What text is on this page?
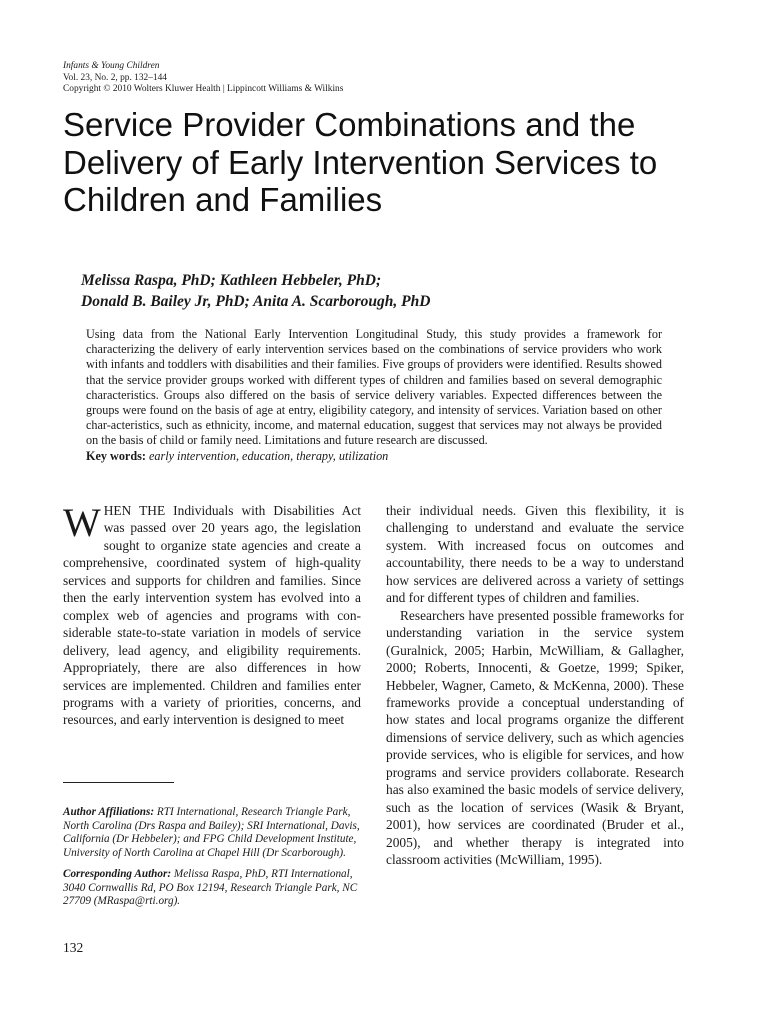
Infants & Young Children
Vol. 23, No. 2, pp. 132–144
Copyright © 2010 Wolters Kluwer Health | Lippincott Williams & Wilkins
Service Provider Combinations and the Delivery of Early Intervention Services to Children and Families
Melissa Raspa, PhD; Kathleen Hebbeler, PhD;
Donald B. Bailey Jr, PhD; Anita A. Scarborough, PhD

Using data from the National Early Intervention Longitudinal Study, this study provides a framework for characterizing the delivery of early intervention services based on the combinations of service providers who work with infants and toddlers with disabilities and their families. Five groups of providers were identified. Results showed that the service provider groups worked with different types of children and families based on several demographic characteristics. Groups also differed on the basis of service delivery variables. Expected differences between the groups were found on the basis of age at entry, eligibility category, and intensity of services. Variation based on other char-acteristics, such as ethnicity, income, and maternal education, suggest that services may not always be provided on the basis of child or family need. Limitations and future research are discussed.

Key words: early intervention, education, therapy, utilization

WHEN THE Individuals with Disabilities Act was passed over 20 years ago, the legislation sought to organize state agencies and create a comprehensive, coordinated system of high-quality services and supports for children and families. Since then the early intervention system has evolved into a complex web of agencies and programs with considerable state-to-state variation in models of service delivery, lead agency, and eligibility requirements. Appropriately, there are also differences in how services are implemented. Children and families enter programs with a variety of priorities, concerns, and resources, and early intervention is designed to meet

Author Affiliations: RTI International, Research Triangle Park, North Carolina (Drs Raspa and Bailey); SRI International, Davis, California (Dr Hebbeler); and FPG Child Development Institute, University of North Carolina at Chapel Hill (Dr Scarborough).

Corresponding Author: Melissa Raspa, PhD, RTI International, 3040 Cornwallis Rd, PO Box 12194, Research Triangle Park, NC 27709 (MRaspa@rti.org).

132

their individual needs. Given this flexibility, it is challenging to understand and evaluate the service system. With increased focus on outcomes and accountability, there needs to be a way to understand how services are delivered across a variety of settings and for different types of children and families.

Researchers have presented possible frameworks for understanding variation in the service system (Guralnick, 2005; Harbin, McWilliam, & Gallagher, 2000; Roberts, Innocenti, & Goetze, 1999; Spiker, Hebbeler, Wagner, Cameto, & McKenna, 2000). These frameworks provide a conceptual understanding of how states and local programs organize the different dimensions of service delivery, such as which agencies provide services, who is eligible for services, and how programs and service providers collaborate. Research has also examined the basic models of service delivery, such as the location of services (Wasik & Bryant, 2001), how services are coordinated (Bruder et al., 2005), and whether therapy is integrated into classroom activities (McWilliam, 1995).
